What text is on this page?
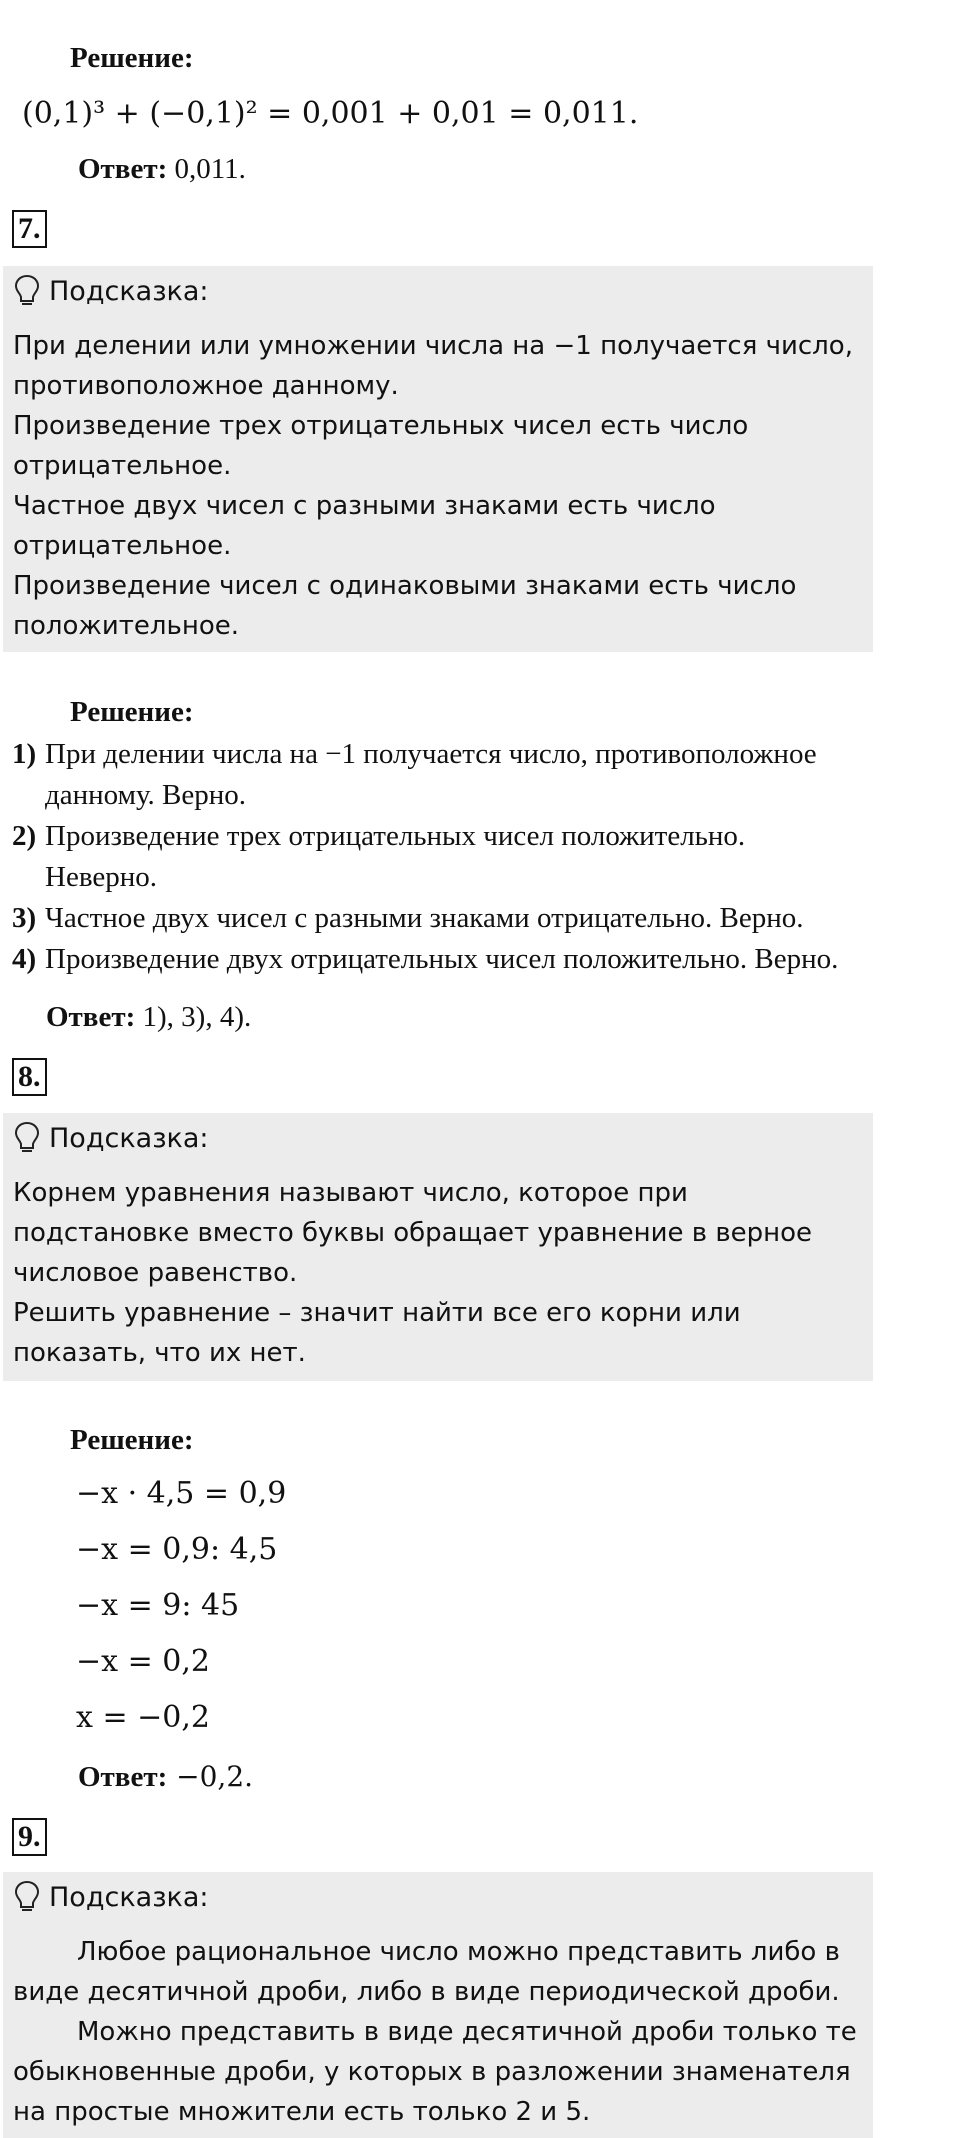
Решение:
(0,1)³ + (−0,1)² = 0,001 + 0,01 = 0,011.
Ответ: 0,011.
7.
Подсказка:

При делении или умножении числа на −1 получается число, противоположное данному.

Произведение трех отрицательных чисел есть число отрицательное.

Частное двух чисел с разными знаками есть число отрицательное.

Произведение чисел с одинаковыми знаками есть число положительное.

Решение:
1) При делении числа на −1 получается число, противоположное
данному. Верно.
2) Произведение трех отрицательных чисел положительно.
Неверно.
3) Частное двух чисел с разными знаками отрицательно. Верно.
4) Произведение двух отрицательных чисел положительно. Верно.
Ответ: 1), 3), 4).
8.
Подсказка:

Корнем уравнения называют число, которое при подстановке вместо буквы обращает уравнение в верное числовое равенство.

Решить уравнение – значит найти все его корни или показать, что их нет.

Решение:
−x · 4,5 = 0,9
−x = 0,9: 4,5
−x = 9: 45
−x = 0,2
x = −0,2
Ответ: −0,2.
9.
Подсказка:

Любое рациональное число можно представить либо в виде десятичной дроби, либо в виде периодической дроби.

Можно представить в виде десятичной дроби только те обыкновенные дроби, у которых в разложении знаменателя на простые множители есть только 2 и 5.
